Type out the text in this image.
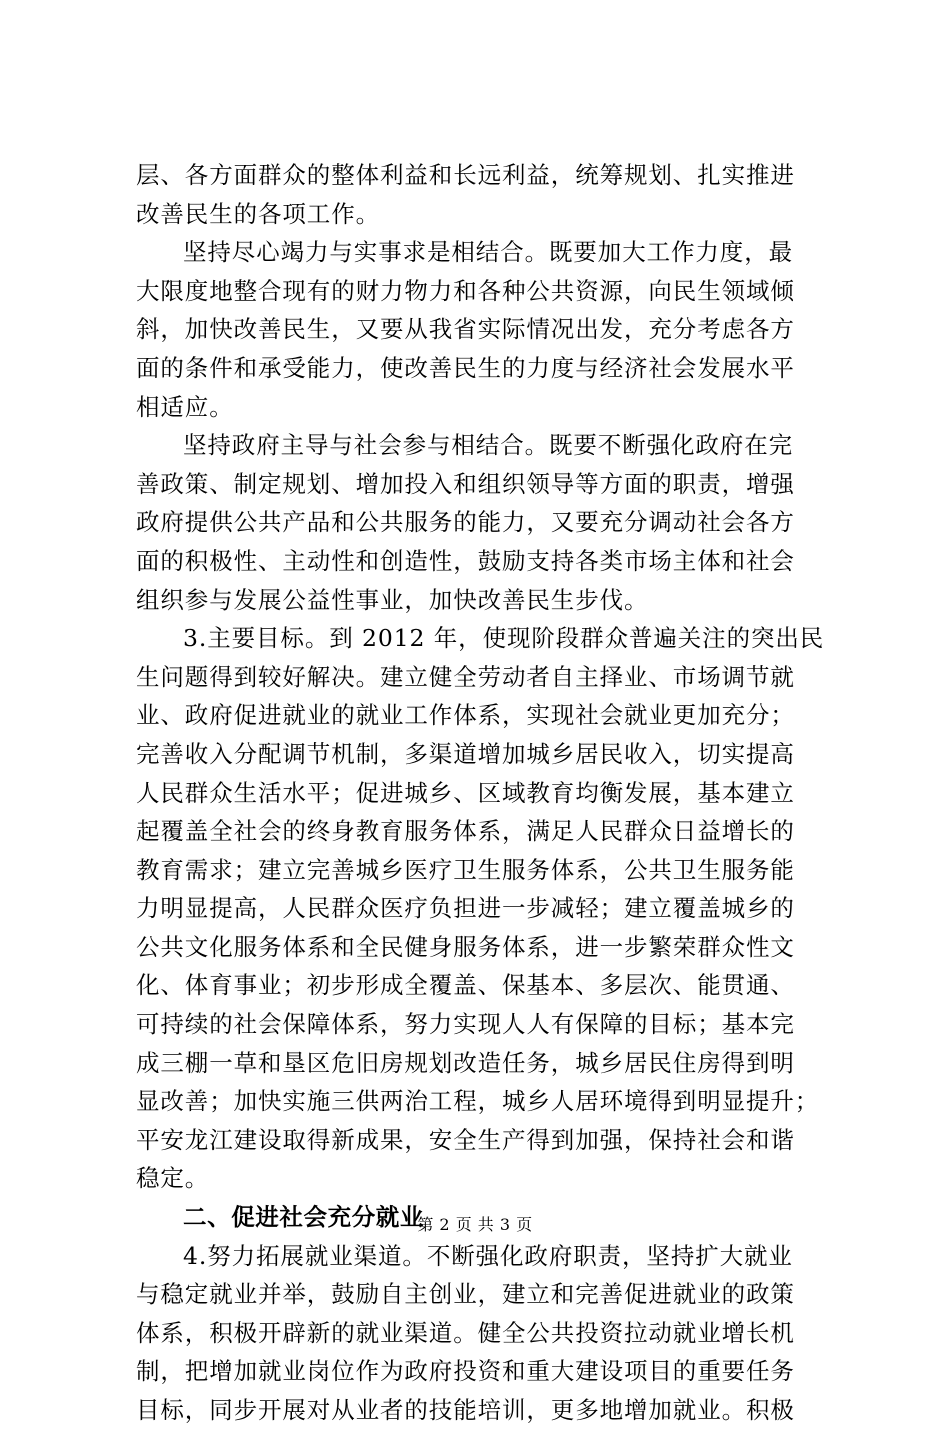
层、各方面群众的整体利益和长远利益，统筹规划、扎实推进
改善民生的各项工作。
坚持尽心竭力与实事求是相结合。既要加大工作力度，最
大限度地整合现有的财力物力和各种公共资源，向民生领域倾
斜，加快改善民生，又要从我省实际情况出发，充分考虑各方
面的条件和承受能力，使改善民生的力度与经济社会发展水平
相适应。
坚持政府主导与社会参与相结合。既要不断强化政府在完
善政策、制定规划、增加投入和组织领导等方面的职责，增强
政府提供公共产品和公共服务的能力，又要充分调动社会各方
面的积极性、主动性和创造性，鼓励支持各类市场主体和社会
组织参与发展公益性事业，加快改善民生步伐。
3.主要目标。到 2012 年，使现阶段群众普遍关注的突出民
生问题得到较好解决。建立健全劳动者自主择业、市场调节就
业、政府促进就业的就业工作体系，实现社会就业更加充分；
完善收入分配调节机制，多渠道增加城乡居民收入，切实提高
人民群众生活水平；促进城乡、区域教育均衡发展，基本建立
起覆盖全社会的终身教育服务体系，满足人民群众日益增长的
教育需求；建立完善城乡医疗卫生服务体系，公共卫生服务能
力明显提高，人民群众医疗负担进一步减轻；建立覆盖城乡的
公共文化服务体系和全民健身服务体系，进一步繁荣群众性文
化、体育事业；初步形成全覆盖、保基本、多层次、能贯通、
可持续的社会保障体系，努力实现人人有保障的目标；基本完
成三棚一草和垦区危旧房规划改造任务，城乡居民住房得到明
显改善；加快实施三供两治工程，城乡人居环境得到明显提升；
平安龙江建设取得新成果，安全生产得到加强，保持社会和谐
稳定。
二、促进社会充分就业
4.努力拓展就业渠道。不断强化政府职责，坚持扩大就业
与稳定就业并举，鼓励自主创业，建立和完善促进就业的政策
体系，积极开辟新的就业渠道。健全公共投资拉动就业增长机
制，把增加就业岗位作为政府投资和重大建设项目的重要任务
目标，同步开展对从业者的技能培训，更多地增加就业。积极
第 2 页 共 3 页
